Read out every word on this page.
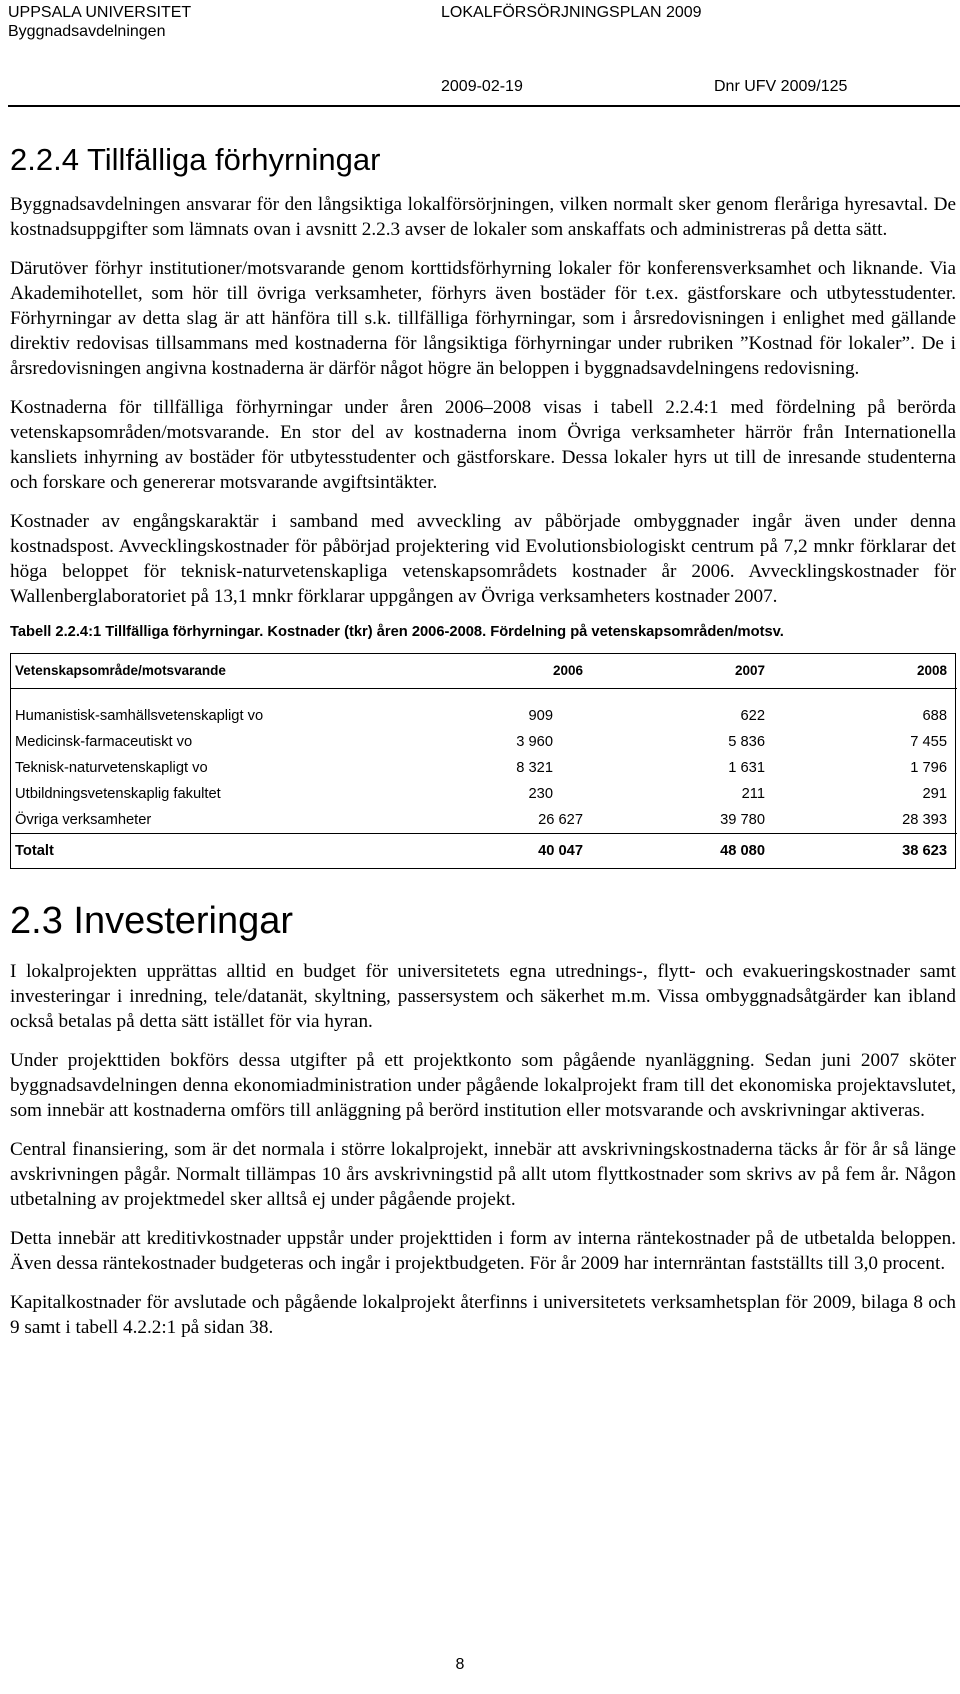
UPPSALA UNIVERSITET
Byggnadsavdelningen
LOKALFÖRSÖRJNINGSPLAN 2009
2009-02-19	Dnr UFV 2009/125
2.2.4 Tillfälliga förhyrningar

Byggnadsavdelningen ansvarar för den långsiktiga lokalförsörjningen, vilken normalt sker genom fleråriga hyresavtal. De kostnadsuppgifter som lämnats ovan i avsnitt 2.2.3 avser de lokaler som anskaffats och administreras på detta sätt.

Därutöver förhyr institutioner/motsvarande genom korttidsförhyrning lokaler för konferensverksamhet och liknande. Via Akademihotellet, som hör till övriga verksamheter, förhyrs även bostäder för t.ex. gästforskare och utbytesstudenter. Förhyrningar av detta slag är att hänföra till s.k. tillfälliga förhyrningar, som i årsredovisningen i enlighet med gällande direktiv redovisas tillsammans med kostnaderna för långsiktiga förhyrningar under rubriken ”Kostnad för lokaler”. De i årsredovisningen angivna kostnaderna är därför något högre än beloppen i byggnadsavdelningens redovisning.

Kostnaderna för tillfälliga förhyrningar under åren 2006–2008 visas i tabell 2.2.4:1 med fördelning på berörda vetenskapsområden/motsvarande. En stor del av kostnaderna inom Övriga verksamheter härrör från Internationella kansliets inhyrning av bostäder för utbytesstudenter och gästforskare. Dessa lokaler hyrs ut till de inresande studenterna och forskare och genererar motsvarande avgiftsintäkter.

Kostnader av engångskaraktär i samband med avveckling av påbörjade ombyggnader ingår även under denna kostnadspost. Avvecklingskostnader för påbörjad projektering vid Evolutionsbiologiskt centrum på 7,2 mnkr förklarar det höga beloppet för teknisk-naturvetenskapliga vetenskapsområdets kostnader år 2006. Avvecklingskostnader för Wallenberglaboratoriet på 13,1 mnkr förklarar uppgången av Övriga verksamheters kostnader 2007.

Tabell 2.2.4:1 Tillfälliga förhyrningar. Kostnader (tkr) åren 2006-2008. Fördelning på vetenskapsområden/motsv.
Vetenskapsområde/motsvarande	2006	2007	2008

Humanistisk-samhällsvetenskapligt vo	909	622	688
Medicinsk-farmaceutiskt vo	3 960	5 836	7 455
Teknisk-naturvetenskapligt vo	8 321	1 631	1 796
Utbildningsvetenskaplig fakultet	230	211	291
Övriga verksamheter	26 627	39 780	28 393
Totalt	40 047	48 080	38 623
2.3 Investeringar

I lokalprojekten upprättas alltid en budget för universitetets egna utrednings-, flytt- och evakueringskostnader samt investeringar i inredning, tele/datanät, skyltning, passersystem och säkerhet m.m. Vissa ombyggnadsåtgärder kan ibland också betalas på detta sätt istället för via hyran.

Under projekttiden bokförs dessa utgifter på ett projektkonto som pågående nyanläggning. Sedan juni 2007 sköter byggnadsavdelningen denna ekonomiadministration under pågående lokalprojekt fram till det ekonomiska projektavslutet, som innebär att kostnaderna omförs till anläggning på berörd institution eller motsvarande och avskrivningar aktiveras.

Central finansiering, som är det normala i större lokalprojekt, innebär att avskrivningskostnaderna täcks år för år så länge avskrivningen pågår. Normalt tillämpas 10 års avskrivningstid på allt utom flyttkostnader som skrivs av på fem år. Någon utbetalning av projektmedel sker alltså ej under pågående projekt.

Detta innebär att kreditivkostnader uppstår under projekttiden i form av interna räntekostnader på de utbetalda beloppen. Även dessa räntekostnader budgeteras och ingår i projektbudgeten. För år 2009 har internräntan fastställts till 3,0 procent.

Kapitalkostnader för avslutade och pågående lokalprojekt återfinns i universitetets verksamhetsplan för 2009, bilaga 8 och 9 samt i tabell 4.2.2:1 på sidan 38.

8
